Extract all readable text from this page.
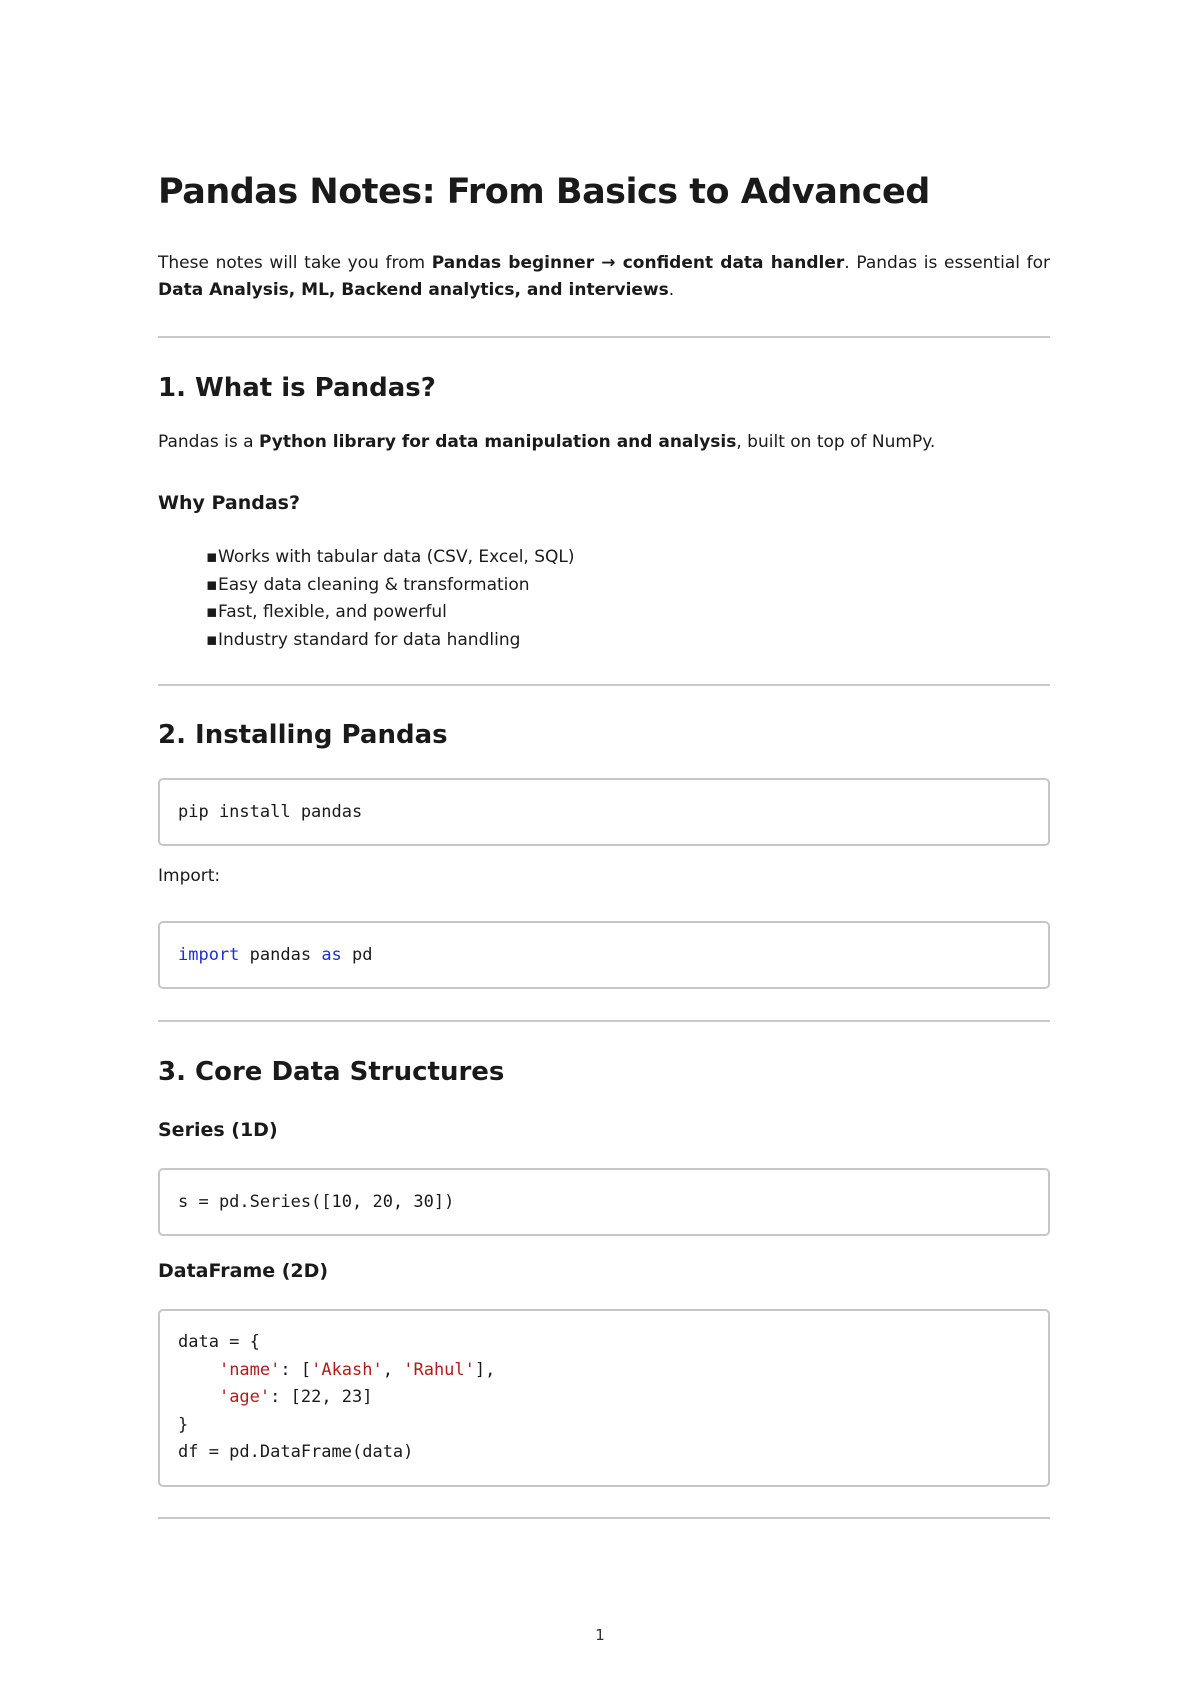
Pandas Notes: From Basics to Advanced

These notes will take you from Pandas beginner → confident data handler. Pandas is essential for Data Analysis, ML, Backend analytics, and interviews.

1. What is Pandas?

Pandas is a Python library for data manipulation and analysis, built on top of NumPy.

Why Pandas?
▪Works with tabular data (CSV, Excel, SQL)
▪Easy data cleaning & transformation
▪Fast, flexible, and powerful
▪Industry standard for data handling
2. Installing Pandas
pip install pandas

Import:

import pandas as pd
3. Core Data Structures
Series (1D)
s = pd.Series([10, 20, 30])
DataFrame (2D)
data = {
'name': ['Akash', 'Rahul'],
'age': [22, 23]
}
df = pd.DataFrame(data)
1
